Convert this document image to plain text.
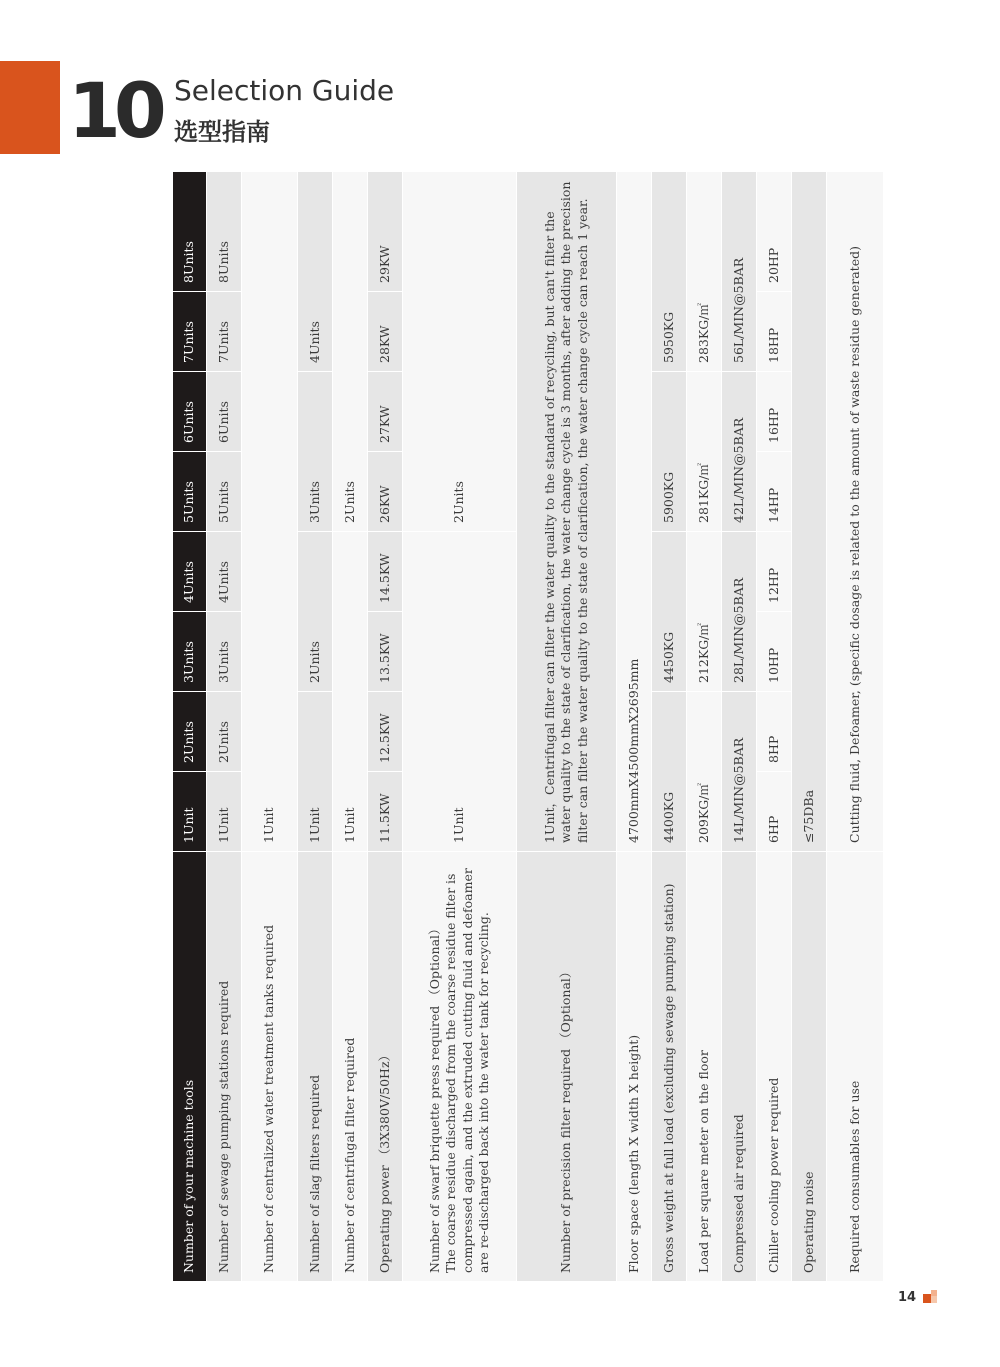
10 Selection Guide
选型指南
Number of your machine tools	1Unit	2Units	3Units	4Units	5Units	6Units	7Units	8Units
Number of sewage pumping stations required	1Unit	2Units	3Units	4Units	5Units	6Units	7Units	8Units
Number of centralized water treatment tanks required	1Unit							
Number of slag filters required	1Unit		2Units		3Units		4Units	
Number of centrifugal filter required	1Unit				2Units			
Operating power （3X380V/50Hz）	11.5KW	12.5KW	13.5KW	14.5KW	26KW	27KW	28KW	29KW

Number of swarf briquette press required （Optional） The coarse residue discharged from the coarse residue filter is compressed again, and the extruded cutting fluid and defoamer are re-discharged back into the water tank for recycling.	1Unit				2Units			
Number of precision filter required （Optional）	1Unit，Centrifugal filter can filter the water quality to the standard of recycling, but can't filter the water quality to the state of clarification, the water change cycle is 3 months, after adding the precision filter can filter the water quality to the state of clarification, the water change cycle can reach 1 year.							
Floor space (length X width X height)	4700mmX4500mmX2695mm							
Gross weight at full load (excluding sewage pumping station)	4400KG		4450KG		5900KG		5950KG	
Load per square meter on the floor	209KG/㎡		212KG/㎡		281KG/㎡		283KG/㎡	
Compressed air required	14L/MIN@5BAR		28L/MIN@5BAR		42L/MIN@5BAR		56L/MIN@5BAR	
Chiller cooling power required	6HP	8HP	10HP	12HP	14HP	16HP	18HP	20HP
Operating noise	≤75DBa							
Required consumables for use	Cutting fluid, Defoamer, (specific dosage is related to the amount of waste residue generated)							
14
